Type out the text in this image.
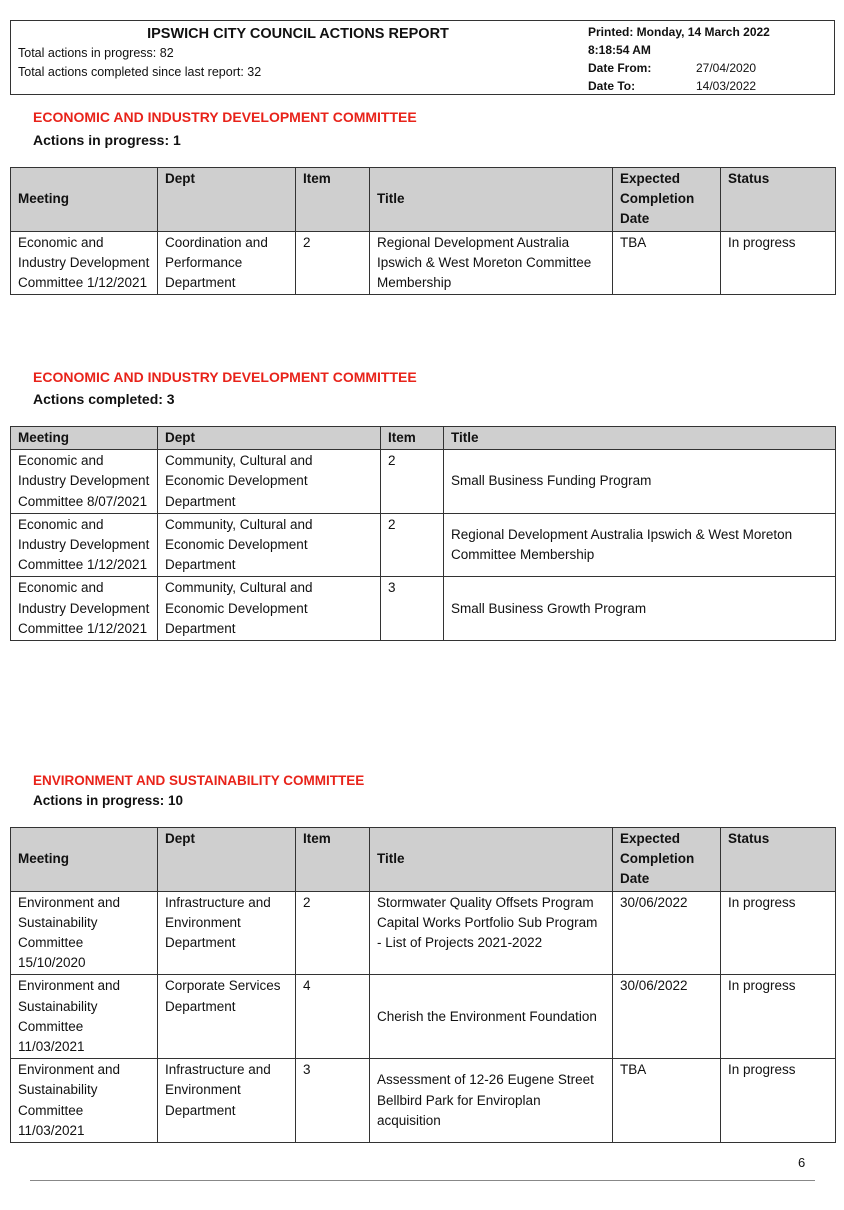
IPSWICH CITY COUNCIL ACTIONS REPORT
Total actions in progress: 82
Total actions completed since last report: 32
Printed: Monday, 14 March 2022
8:18:54 AM
Date From:	27/04/2020
Date To:	14/03/2022
ECONOMIC AND INDUSTRY DEVELOPMENT COMMITTEE
Actions in progress: 1
Meeting	Dept	Item	Title	Expected Completion Date	Status
Economic and Industry Development Committee 1/12/2021	Coordination and Performance Department	2	Regional Development Australia Ipswich & West Moreton Committee Membership	TBA	In progress
ECONOMIC AND INDUSTRY DEVELOPMENT COMMITTEE
Actions completed: 3
Meeting	Dept	Item	Title
Economic and Industry Development Committee 8/07/2021	Community, Cultural and Economic Development Department	2	Small Business Funding Program
Economic and Industry Development Committee 1/12/2021	Community, Cultural and Economic Development Department	2	Regional Development Australia Ipswich & West Moreton Committee Membership
Economic and Industry Development Committee 1/12/2021	Community, Cultural and Economic Development Department	3	Small Business Growth Program
ENVIRONMENT AND SUSTAINABILITY COMMITTEE
Actions in progress: 10
Meeting	Dept	Item	Title	Expected Completion Date	Status
Environment and Sustainability Committee 15/10/2020	Infrastructure and Environment Department	2	Stormwater Quality Offsets Program Capital Works Portfolio Sub Program - List of Projects 2021-2022	30/06/2022	In progress
Environment and Sustainability Committee 11/03/2021	Corporate Services Department	4	Cherish the Environment Foundation	30/06/2022	In progress
Environment and Sustainability Committee 11/03/2021	Infrastructure and Environment Department	3	Assessment of 12-26 Eugene Street Bellbird Park for Enviroplan acquisition	TBA	In progress
6
